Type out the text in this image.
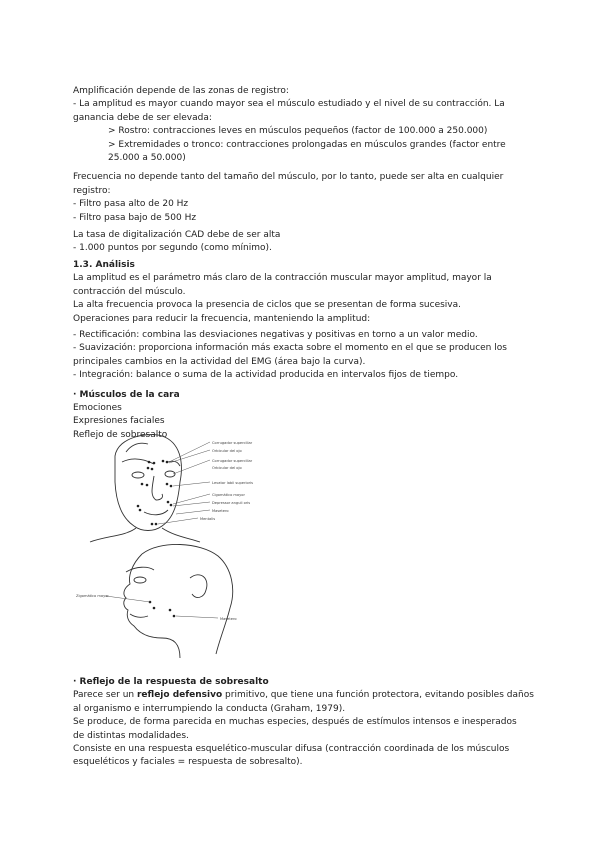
Amplificación depende de las zonas de registro:
- La amplitud es mayor cuando mayor sea el músculo estudiado y el nivel de su contracción. La
ganancia debe de ser elevada:
> Rostro: contracciones leves en músculos pequeños (factor de 100.000 a 250.000)
> Extremidades o tronco: contracciones prolongadas en músculos grandes (factor entre
25.000 a 50.000)
Frecuencia no depende tanto del tamaño del músculo, por lo tanto, puede ser alta en cualquier
registro:
- Filtro pasa alto de 20 Hz
- Filtro pasa bajo de 500 Hz
La tasa de digitalización CAD debe de ser alta
- 1.000 puntos por segundo (como mínimo).
1.3. Análisis
La amplitud es el parámetro más claro de la contracción muscular mayor amplitud, mayor la
contracción del músculo.
La alta frecuencia provoca la presencia de ciclos que se presentan de forma sucesiva.
Operaciones para reducir la frecuencia, manteniendo la amplitud:
- Rectificación: combina las desviaciones negativas y positivas en torno a un valor medio.
- Suavización: proporciona información más exacta sobre el momento en el que se producen los
principales cambios en la actividad del EMG (área bajo la curva).
- Integración: balance o suma de la actividad producida en intervalos fijos de tiempo.
· Músculos de la cara
Emociones
Expresiones faciales
Reflejo de sobresalto
Corrugador superciliar
Orbicular del ojo
Corrugador superciliar
Orbicular del ojo
Levator labii superioris
Cigomático mayor
Depressor anguli oris
Masetero
Mentalis
Zigomático mayor
Masetero
· Reflejo de la respuesta de sobresalto
Parece ser un reflejo defensivo primitivo, que tiene una función protectora, evitando posibles daños
al organismo e interrumpiendo la conducta (Graham, 1979).
Se produce, de forma parecida en muchas especies, después de estímulos intensos e inesperados
de distintas modalidades.
Consiste en una respuesta esquelético-muscular difusa (contracción coordinada de los músculos
esqueléticos y faciales = respuesta de sobresalto).
